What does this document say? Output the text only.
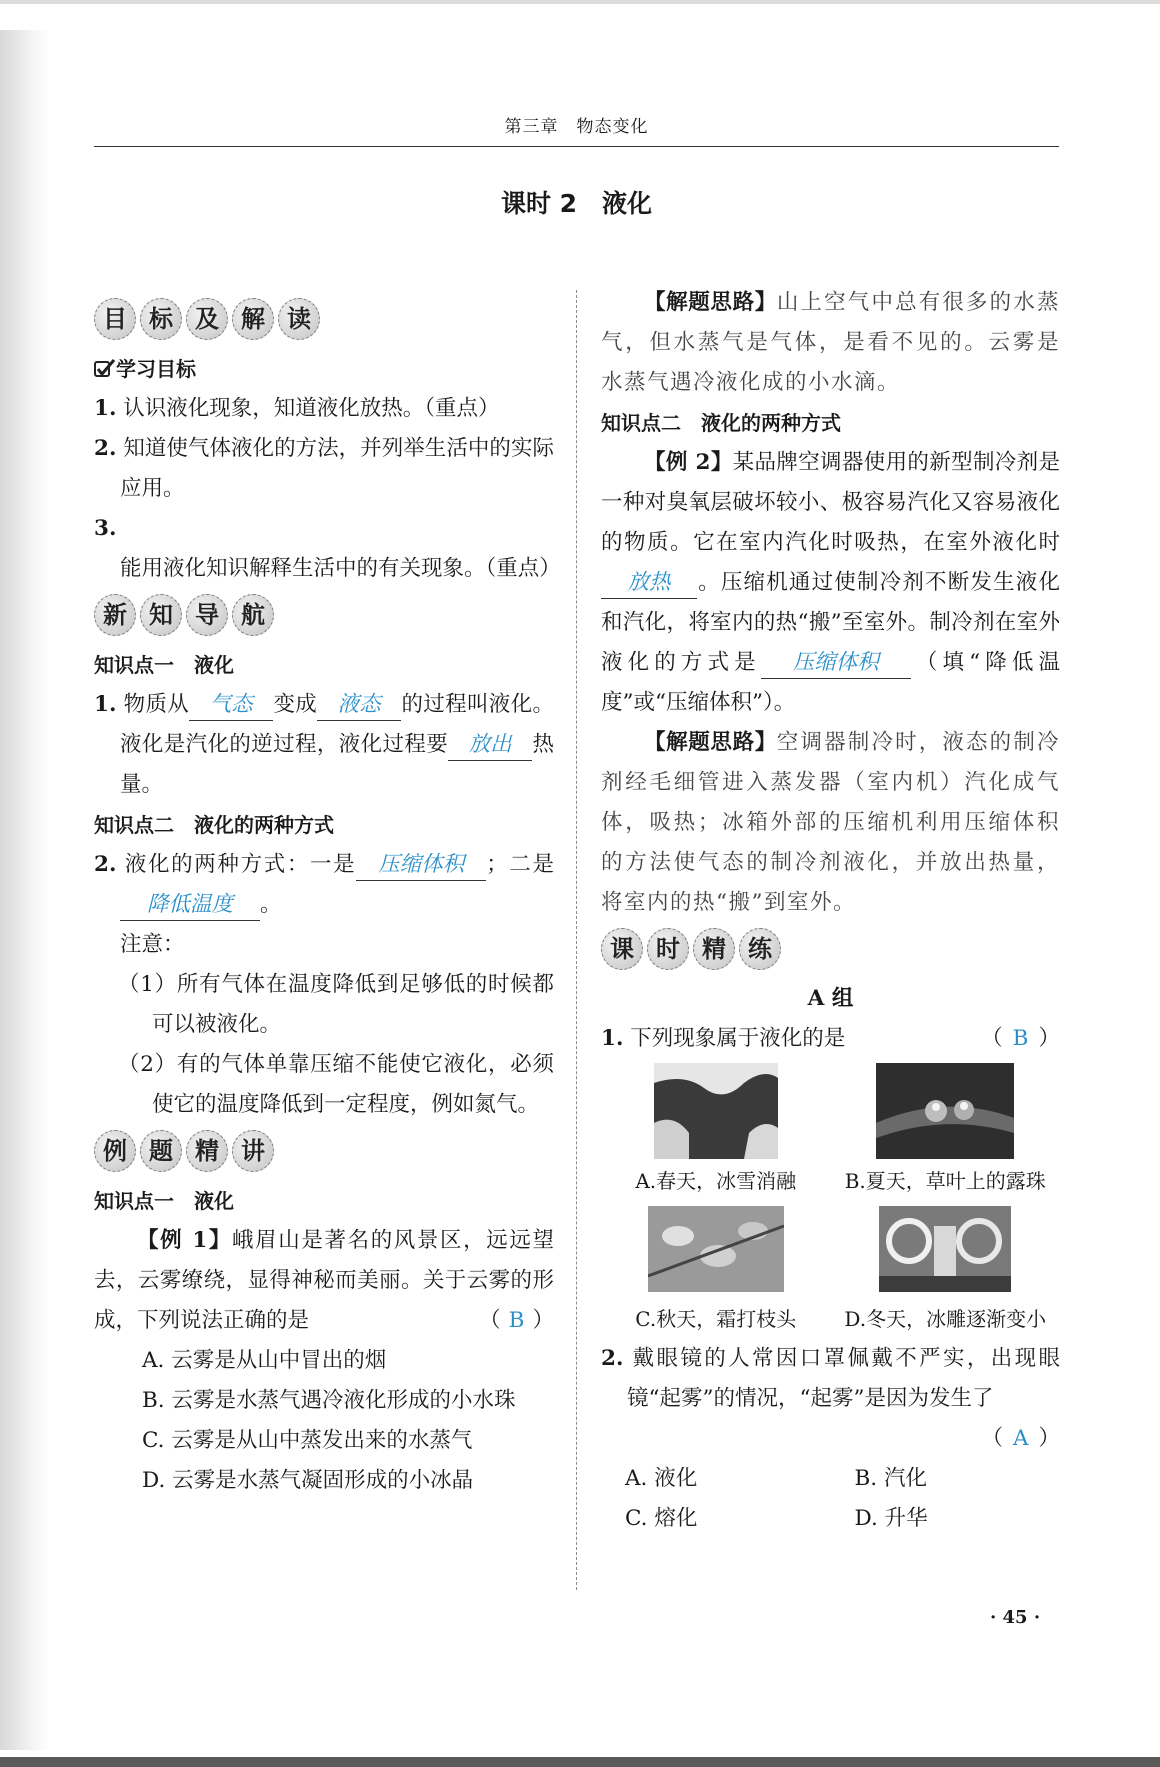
第三章　物态变化
课时 2　液化
目 标 及 解 读

学习目标

1. 认识液化现象，知道液化放热。（重点）

2. 知道使气体液化的方法，并列举生活中的实际应用。

3. 能用液化知识解释生活中的有关现象。（重点）

新 知 导 航

知识点一　液化

1. 物质从 气态 变成 液态 的过程叫液化。液化是汽化的逆过程，液化过程要 放出 热量。

知识点二　液化的两种方式

2. 液化的两种方式：一是 压缩体积 ；二是降低温度 。

注意：

（1）所有气体在温度降低到足够低的时候都可以被液化。

（2）有的气体单靠压缩不能使它液化，必须使它的温度降低到一定程度，例如氮气。

例 题 精 讲

知识点一　液化

【例 1】峨眉山是著名的风景区，远远望去，云雾缭绕，显得神秘而美丽。关于云雾的形成，下列说法正确的是	（ B ）

A. 云雾是从山中冒出的烟

B. 云雾是水蒸气遇冷液化形成的小水珠

C. 云雾是从山中蒸发出来的水蒸气

D. 云雾是水蒸气凝固形成的小冰晶

【解题思路】山上空气中总有很多的水蒸气，但水蒸气是气体，是看不见的。云雾是水蒸气遇冷液化成的小水滴。

知识点二　液化的两种方式

【例 2】某品牌空调器使用的新型制冷剂是一种对臭氧层破坏较小、极容易汽化又容易液化的物质。它在室内汽化时吸热，在室外液化时放热 。压缩机通过使制冷剂不断发生液化和汽化，将室内的热“搬”至室外。制冷剂在室外液化的方式是 压缩体积 （填“降低温度”或“压缩体积”）。

【解题思路】空调器制冷时，液态的制冷剂经毛细管进入蒸发器（室内机）汽化成气体，吸热；冰箱外部的压缩机利用压缩体积的方法使气态的制冷剂液化，并放出热量，将室内的热“搬”到室外。

课 时 精 练

A 组

1. 下列现象属于液化的是	（ B ）

A.春天，冰雪消融	B.夏天，草叶上的露珠
C.秋天，霜打枝头	D.冬天，冰雕逐渐变小

2. 戴眼镜的人常因口罩佩戴不严实，出现眼镜“起雾”的情况，“起雾”是因为发生了

（ A ）

A. 液化	B. 汽化

C. 熔化	D. 升华

· 45 ·
